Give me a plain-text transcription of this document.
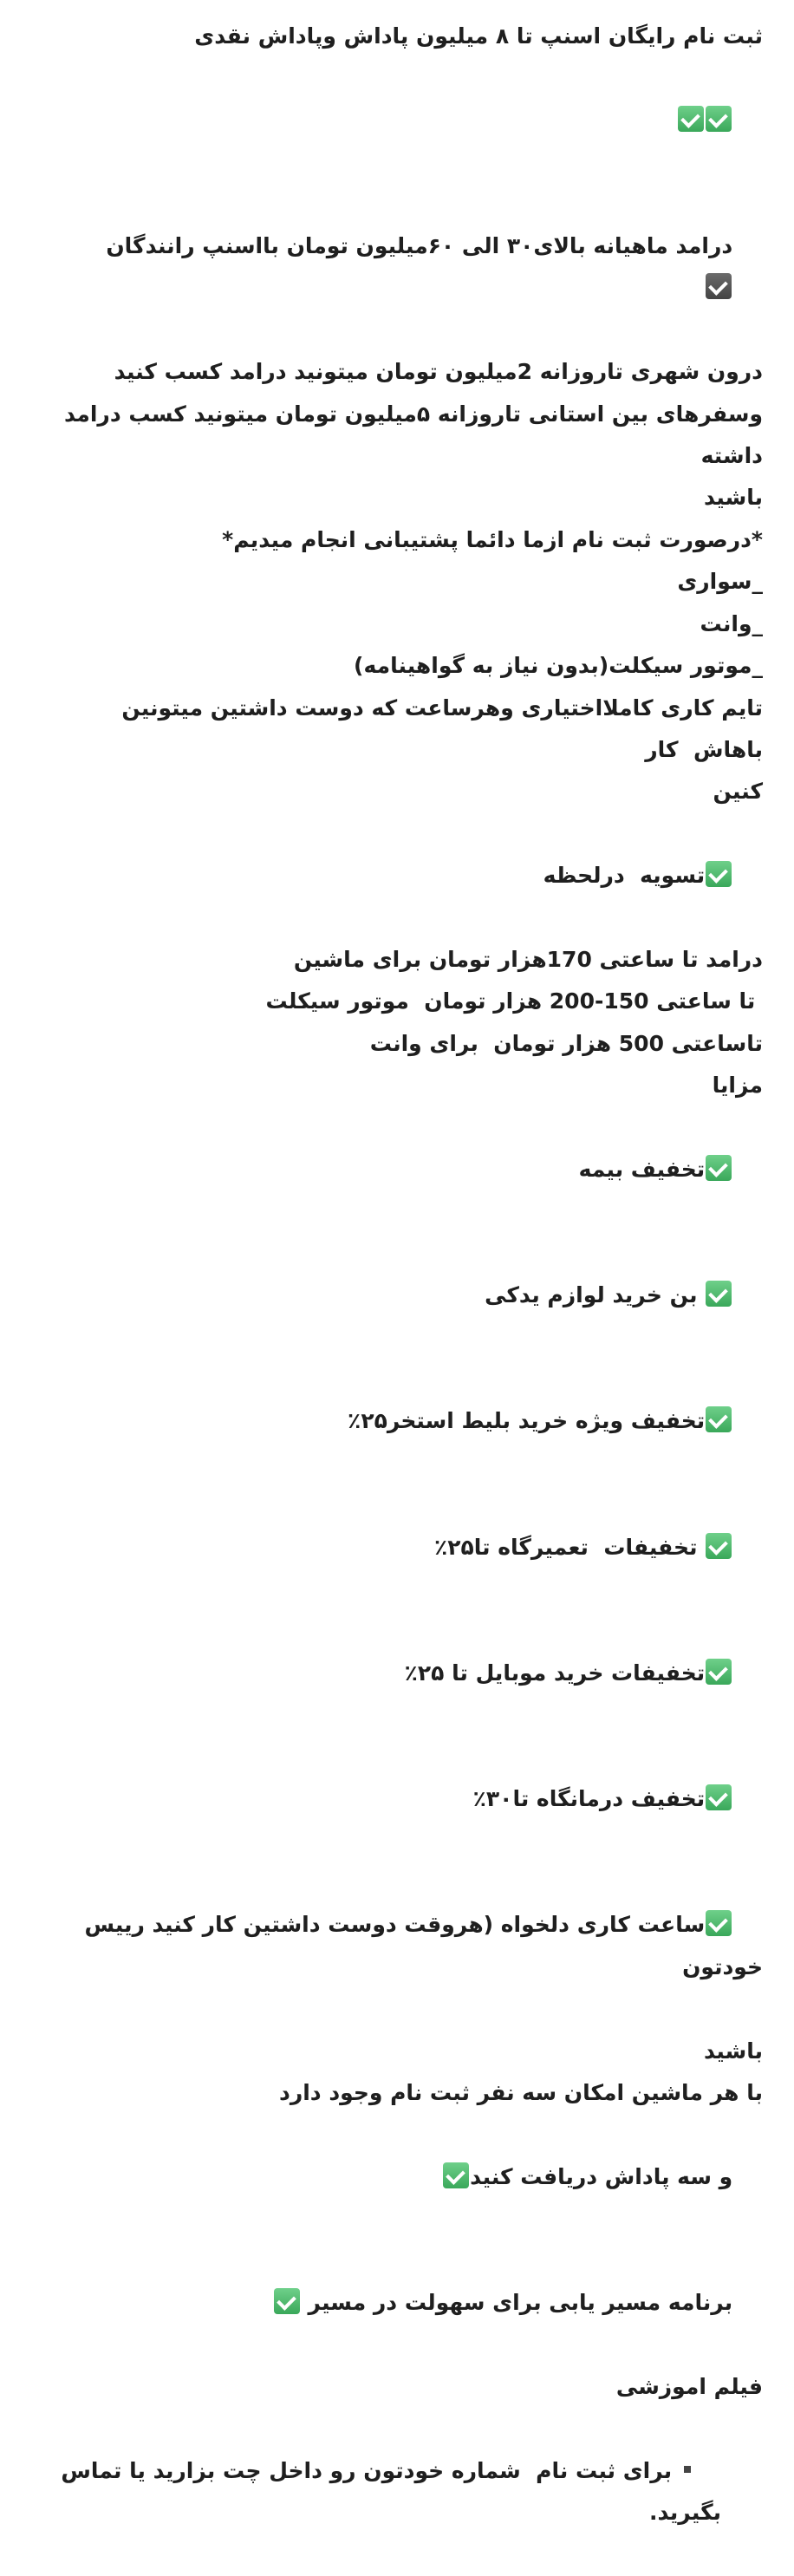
ثبت نام رایگان اسنپ تا ۸ میلیون پاداش وپاداش نقدی

درامد ماهیانه بالای۳۰ الی ۶۰میلیون تومان بااسنپ رانندگان

درون شهری تاروزانه 2میلیون تومان میتونید درامد کسب کنید
وسفرهای بین استانی تاروزانه ۵میلیون تومان میتونید کسب درامد داشته
باشید
*درصورت ثبت نام ازما دائما پشتیبانی انجام میدیم*
_سواری
_وانت
_موتور سیکلت(بدون نیاز به گواهینامه)
تایم کاری کاملااختیاری وهرساعت که دوست داشتین میتونین باهاش  کار
کنین

تسویه  درلحظه

درامد تا ساعتی 170هزار تومان برای ماشین
تا ساعتی 150-200 هزار تومان  موتور سیکلت
تاساعتی 500 هزار تومان  برای وانت
مزایا

تخفیف بیمه

بن خرید لوازم یدکی

تخفیف ویژه خرید بلیط استخر۲۵٪

تخفیفات  تعمیرگاه تا۲۵٪

تخفیفات خرید موبایل تا ۲۵٪

تخفیف درمانگاه تا۳۰٪

ساعت کاری دلخواه (هروقت دوست داشتین کار کنید رییس خودتون

باشید
با هر ماشین امکان سه نفر ثبت نام وجود دارد

و سه پاداش دریافت کنید

برنامه مسیر یابی برای سهولت در مسیر

فیلم اموزشی

برای ثبت نام  شماره خودتون رو داخل چت بزارید یا تماس بگیرید.
